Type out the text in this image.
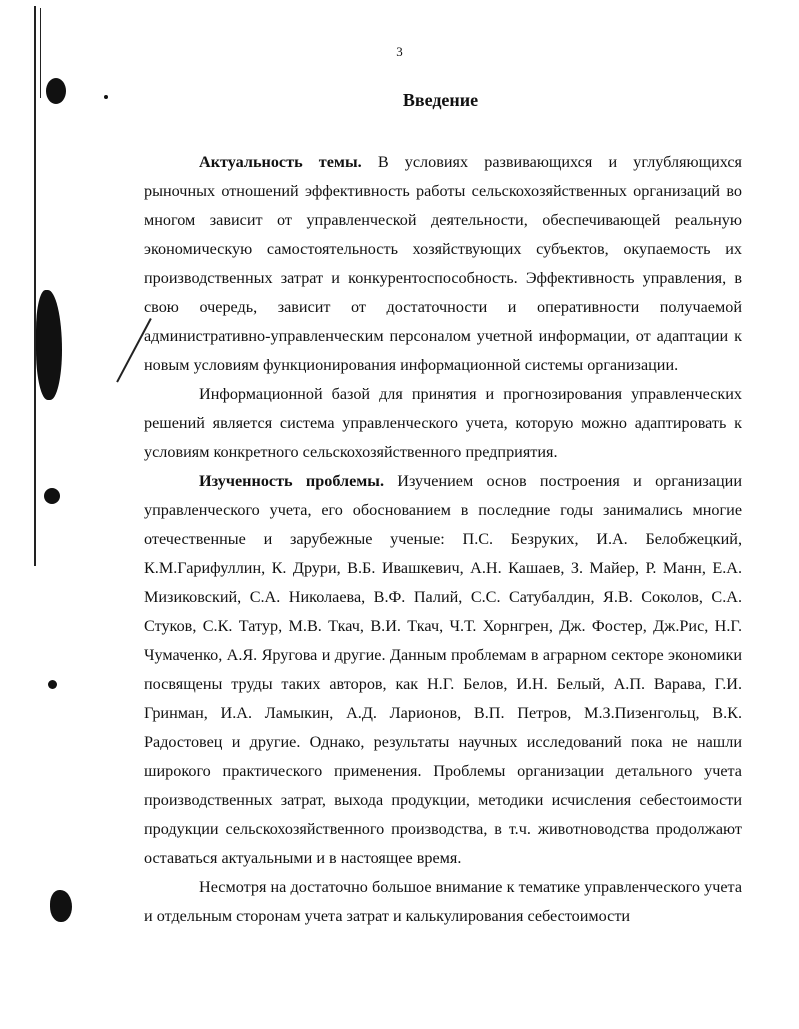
3
Введение

Актуальность темы. В условиях развивающихся и углубляющихся рыночных отношений эффективность работы сельскохозяйственных организаций во многом зависит от управленческой деятельности, обеспечивающей реальную экономическую самостоятельность хозяйствующих субъектов, окупаемость их производственных затрат и конкурентоспособность. Эффективность управления, в свою очередь, зависит от достаточности и оперативности получаемой административно-управленческим персоналом учетной информации, от адаптации к новым условиям функционирования информационной системы организации.

Информационной базой для принятия и прогнозирования управленческих решений является система управленческого учета, которую можно адаптировать к условиям конкретного сельскохозяйственного предприятия.

Изученность проблемы. Изучением основ построения и организации управленческого учета, его обоснованием в последние годы занимались многие отечественные и зарубежные ученые: П.С. Безруких, И.А. Белобжецкий, К.М.Гарифуллин, К. Друри, В.Б. Ивашкевич, А.Н. Кашаев, З. Майер, Р. Манн, Е.А. Мизиковский, С.А. Николаева, В.Ф. Палий, С.С. Сатубалдин, Я.В. Соколов, С.А. Стуков, С.К. Татур, М.В. Ткач, В.И. Ткач, Ч.Т. Хорнгрен, Дж. Фостер, Дж.Рис, Н.Г. Чумаченко, А.Я. Яругова и другие. Данным проблемам в аграрном секторе экономики посвящены труды таких авторов, как Н.Г. Белов, И.Н. Белый, А.П. Варава, Г.И. Гринман, И.А. Ламыкин, А.Д. Ларионов, В.П. Петров, М.З.Пизенгольц, В.К. Радостовец и другие. Однако, результаты научных исследований пока не нашли широкого практического применения. Проблемы организации детального учета производственных затрат, выхода продукции, методики исчисления себестоимости продукции сельскохозяйственного производства, в т.ч. животноводства продолжают оставаться актуальными и в настоящее время.

Несмотря на достаточно большое внимание к тематике управленческого учета и отдельным сторонам учета затрат и калькулирования себестоимости
